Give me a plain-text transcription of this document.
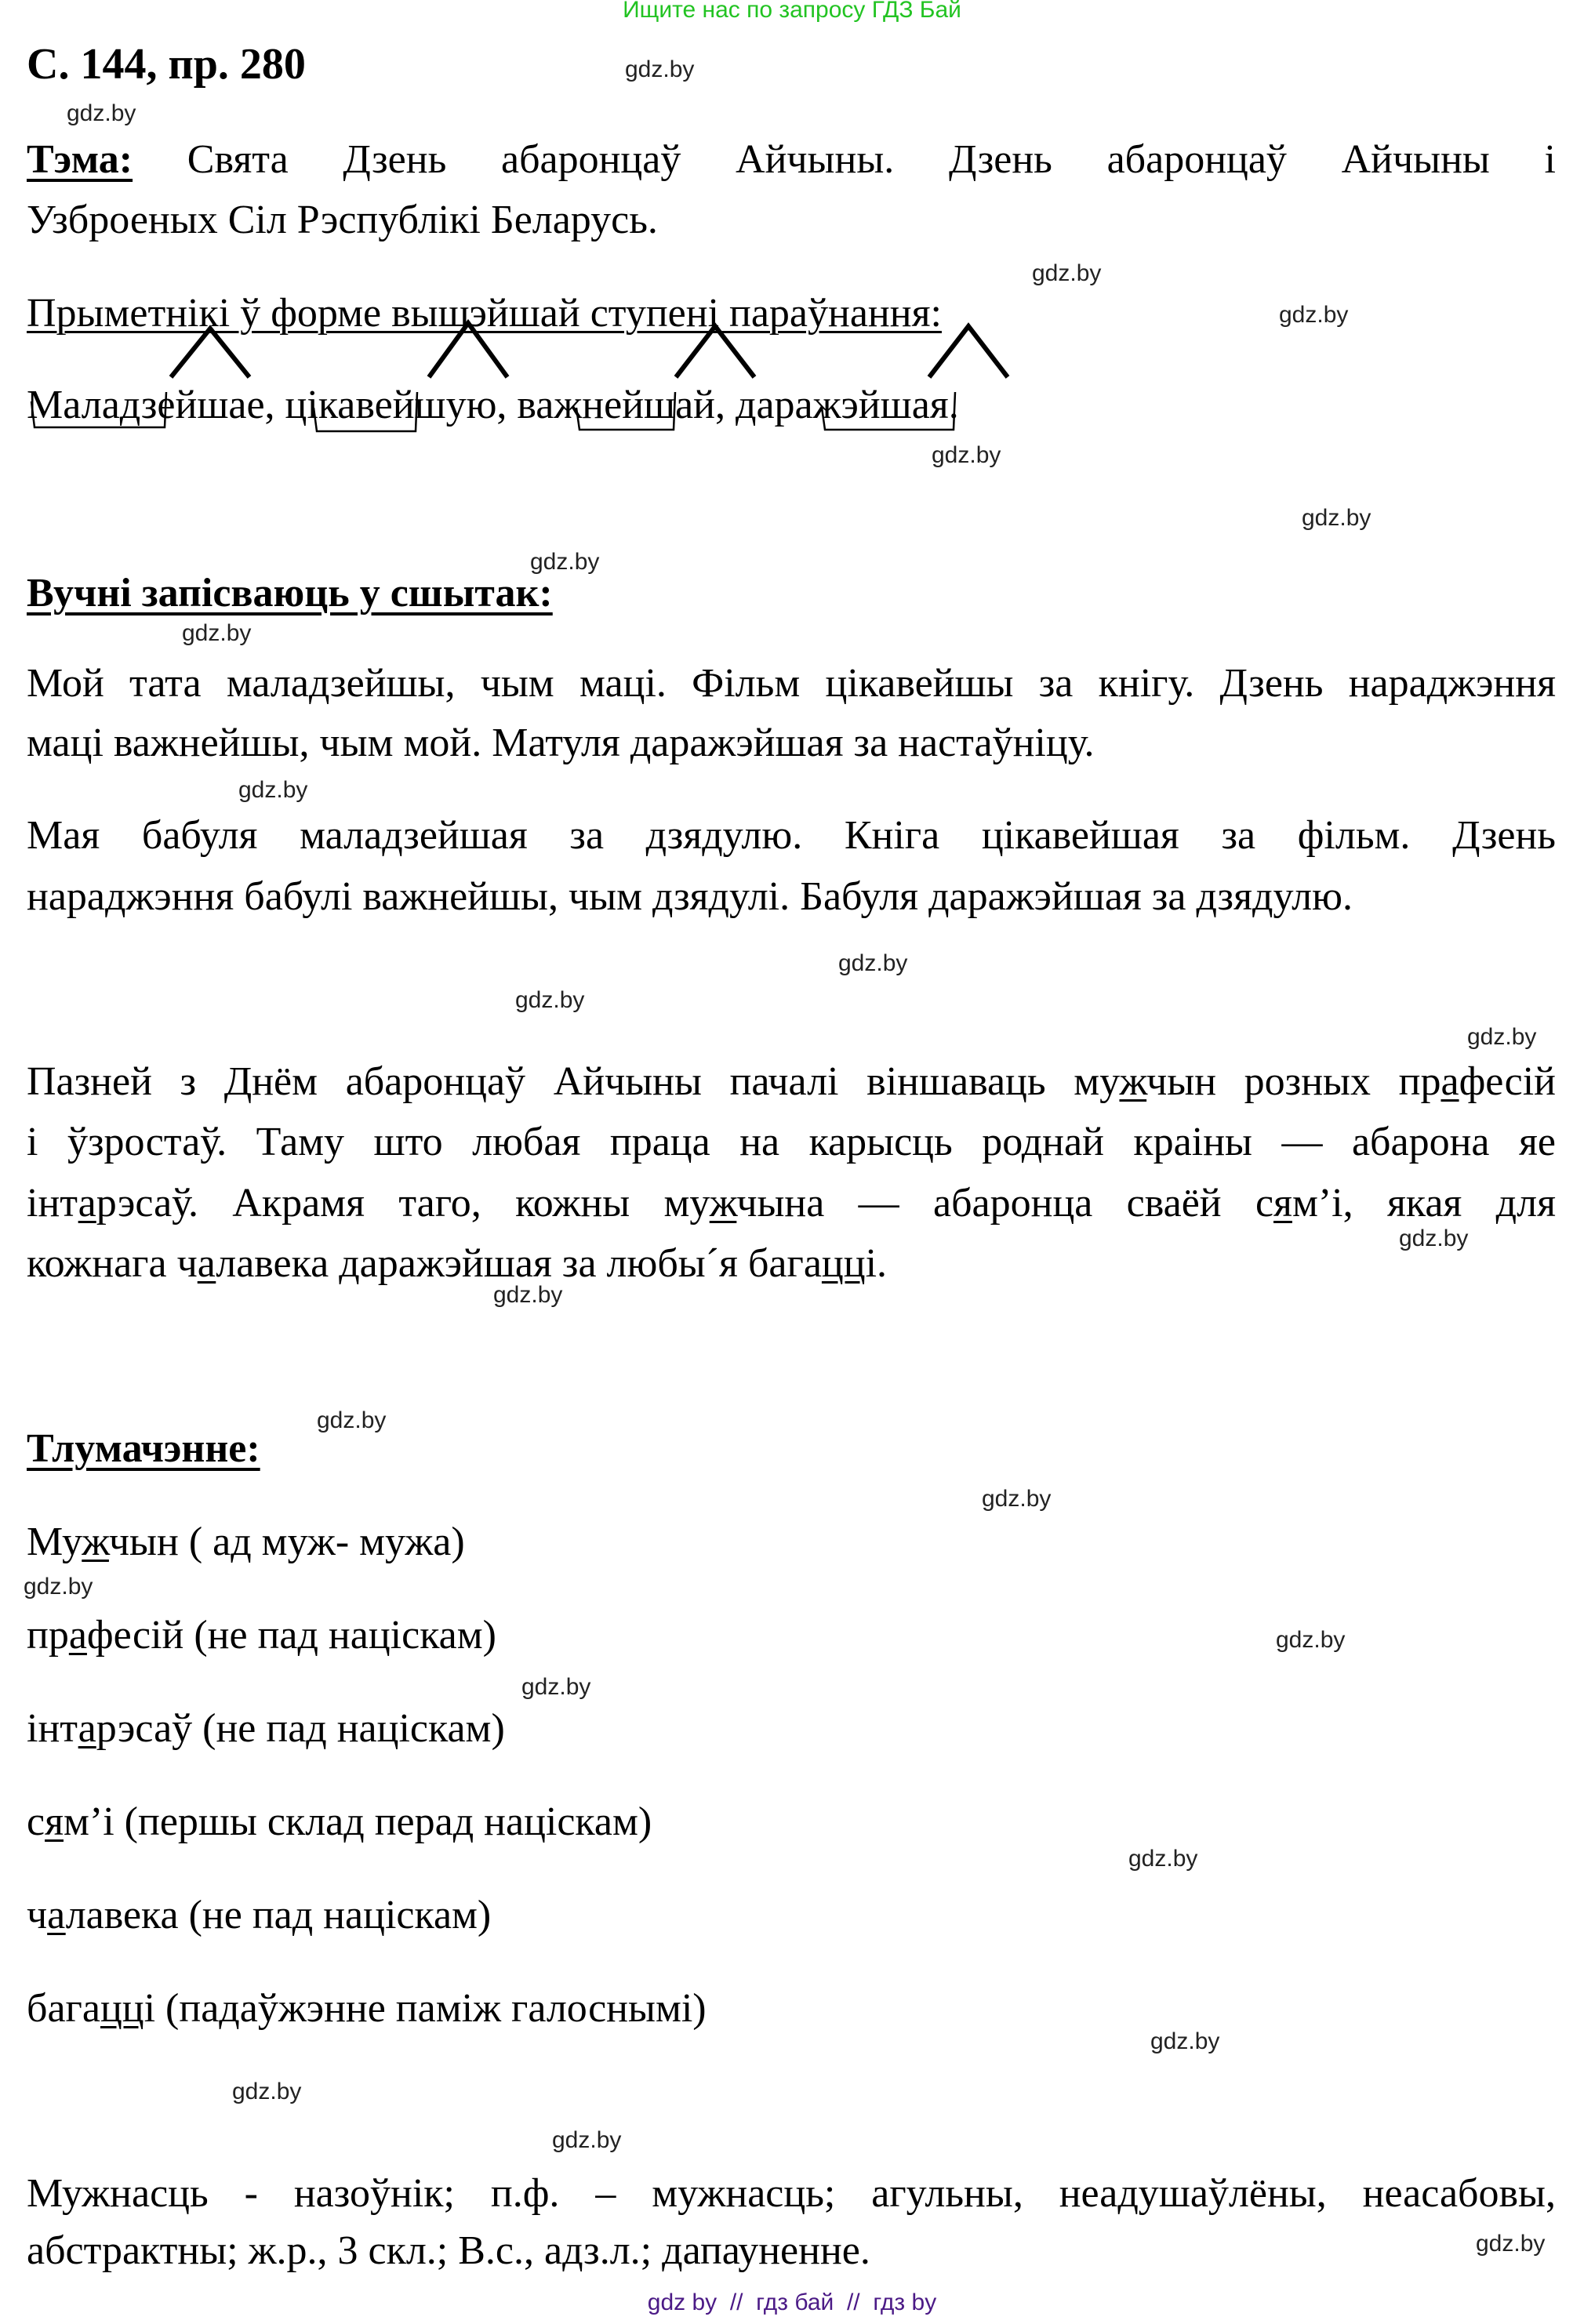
Ищите нас по запросу ГДЗ Бай
С. 144, пр. 280
Тэма: Свята Дзень абаронцаў Айчыны. Дзень абаронцаў Айчыны і
Узброеных Сіл Рэспублікі Беларусь.
Прыметнікі ў форме вышэйшай ступені параўнання:
Маладзейшае, цікавейшую, важнейшай, даражэйшая.
Вучні запісваюць у сшытак:
Мой тата маладзейшы, чым маці. Фільм цікавейшы за кнігу. Дзень нараджэння
маці важнейшы, чым мой. Матуля даражэйшая за настаўніцу.
Мая бабуля маладзейшая за дзядулю. Кніга цікавейшая за фільм. Дзень
нараджэння бабулі важнейшы, чым дзядулі. Бабуля даражэйшая за дзядулю.
Пазней з Днём абаронцаў Айчыны пачалі віншаваць мужчын розных прафесій
і ўзростаў. Таму што любая праца на карысць роднай краіны — абарона яе
інтарэсаў. Акрамя таго, кожны мужчына — абаронца сваёй сям’і, якая для
кожнага чалавека даражэйшая за любы´я багацці.
Тлумачэнне:
Мужчын ( ад муж- мужа)
прафесій (не пад націскам)
інтарэсаў (не пад націскам)
сям’і (першы склад перад націскам)
чалавека (не пад націскам)
багацці (падаўжэнне паміж галоснымі)
Мужнасць - назоўнік; п.ф. – мужнасць; агульны, неадушаўлёны, неасабовы,
абстрактны; ж.р., 3 скл.; В.с., адз.л.; дапауненне.
gdz.by
gdz.by
gdz.by
gdz.by
gdz.by
gdz.by
gdz.by
gdz.by
gdz.by
gdz.by
gdz.by
gdz.by
gdz.by
gdz.by
gdz.by
gdz.by
gdz.by
gdz.by
gdz.by
gdz.by
gdz.by
gdz.by
gdz.by
gdz.by
gdz by  //  гдз бай  //  гдз by
